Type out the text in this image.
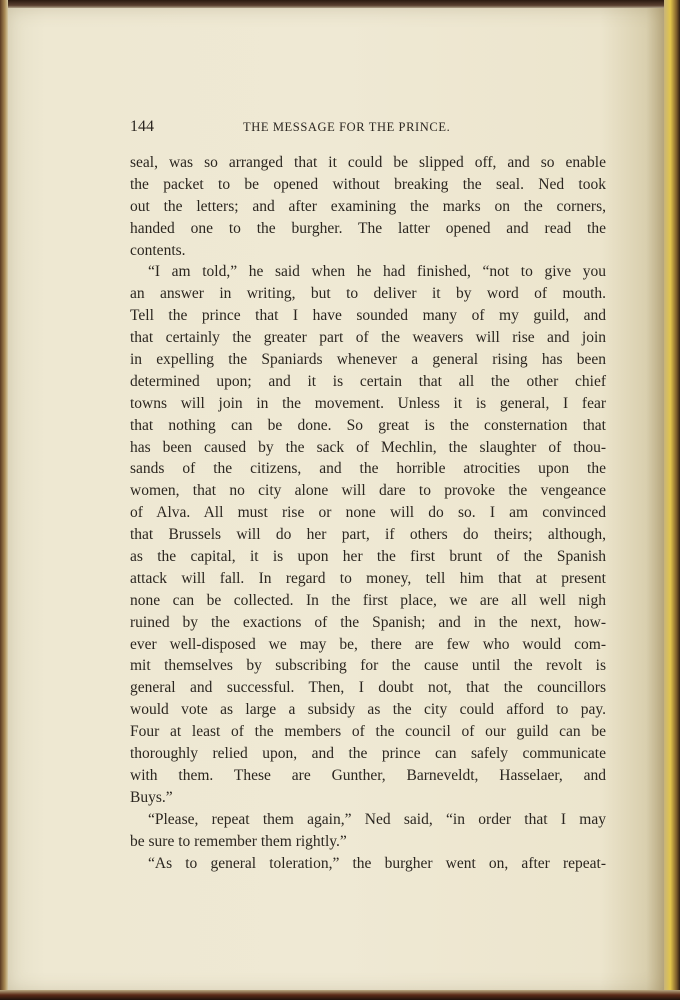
144	THE MESSAGE FOR THE PRINCE.
seal, was so arranged that it could be slipped off, and so enable
the packet to be opened without breaking the seal. Ned took
out the letters; and after examining the marks on the corners,
handed one to the burgher. The latter opened and read the
contents.
“I am told,” he said when he had finished, “not to give you
an answer in writing, but to deliver it by word of mouth.
Tell the prince that I have sounded many of my guild, and
that certainly the greater part of the weavers will rise and join
in expelling the Spaniards whenever a general rising has been
determined upon; and it is certain that all the other chief
towns will join in the movement. Unless it is general, I fear
that nothing can be done. So great is the consternation that
has been caused by the sack of Mechlin, the slaughter of thou-
sands of the citizens, and the horrible atrocities upon the
women, that no city alone will dare to provoke the vengeance
of Alva. All must rise or none will do so. I am convinced
that Brussels will do her part, if others do theirs; although,
as the capital, it is upon her the first brunt of the Spanish
attack will fall. In regard to money, tell him that at present
none can be collected. In the first place, we are all well nigh
ruined by the exactions of the Spanish; and in the next, how-
ever well-disposed we may be, there are few who would com-
mit themselves by subscribing for the cause until the revolt is
general and successful. Then, I doubt not, that the councillors
would vote as large a subsidy as the city could afford to pay.
Four at least of the members of the council of our guild can be
thoroughly relied upon, and the prince can safely communicate
with them. These are Gunther, Barneveldt, Hasselaer, and
Buys.”
“Please, repeat them again,” Ned said, “in order that I may
be sure to remember them rightly.”
“As to general toleration,” the burgher went on, after repeat-
